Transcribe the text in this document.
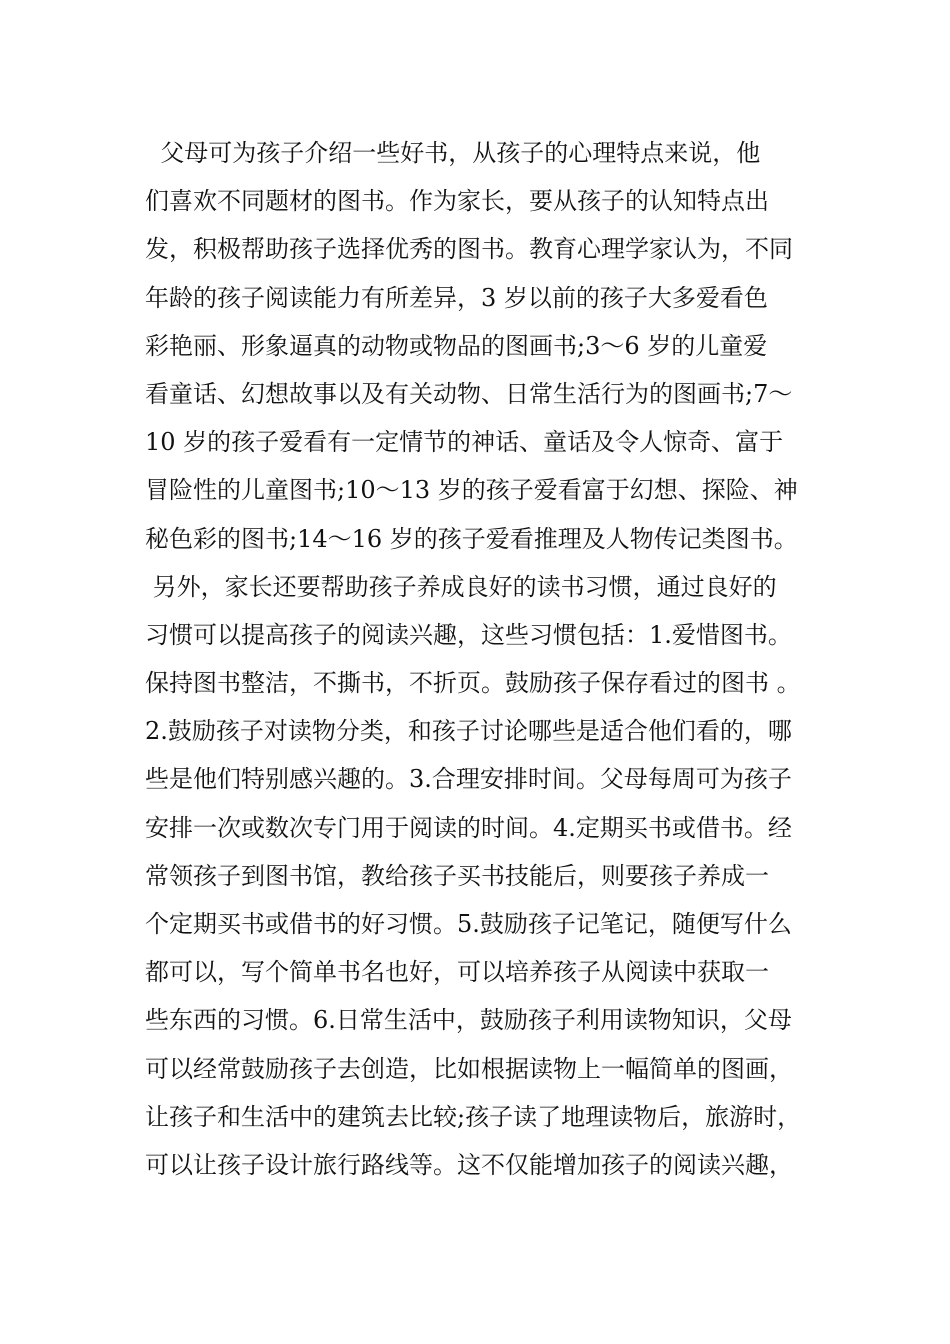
父母可为孩子介绍一些好书，从孩子的心理特点来说，他
们喜欢不同题材的图书。作为家长，要从孩子的认知特点出
发，积极帮助孩子选择优秀的图书。教育心理学家认为，不同
年龄的孩子阅读能力有所差异，3 岁以前的孩子大多爱看色
彩艳丽、形象逼真的动物或物品的图画书;3～6 岁的儿童爱
看童话、幻想故事以及有关动物、日常生活行为的图画书;7～
10 岁的孩子爱看有一定情节的神话、童话及令人惊奇、富于
冒险性的儿童图书;10～13 岁的孩子爱看富于幻想、探险、神
秘色彩的图书;14～16 岁的孩子爱看推理及人物传记类图书。
另外，家长还要帮助孩子养成良好的读书习惯，通过良好的
习惯可以提高孩子的阅读兴趣，这些习惯包括：1.爱惜图书。
保持图书整洁，不撕书，不折页。鼓励孩子保存看过的图书 。
2.鼓励孩子对读物分类，和孩子讨论哪些是适合他们看的，哪
些是他们特别感兴趣的。3.合理安排时间。父母每周可为孩子
安排一次或数次专门用于阅读的时间。4.定期买书或借书。经
常领孩子到图书馆，教给孩子买书技能后，则要孩子养成一
个定期买书或借书的好习惯。5.鼓励孩子记笔记，随便写什么
都可以，写个简单书名也好，可以培养孩子从阅读中获取一
些东西的习惯。6.日常生活中，鼓励孩子利用读物知识，父母
可以经常鼓励孩子去创造，比如根据读物上一幅简单的图画，
让孩子和生活中的建筑去比较;孩子读了地理读物后，旅游时，
可以让孩子设计旅行路线等。这不仅能增加孩子的阅读兴趣，
